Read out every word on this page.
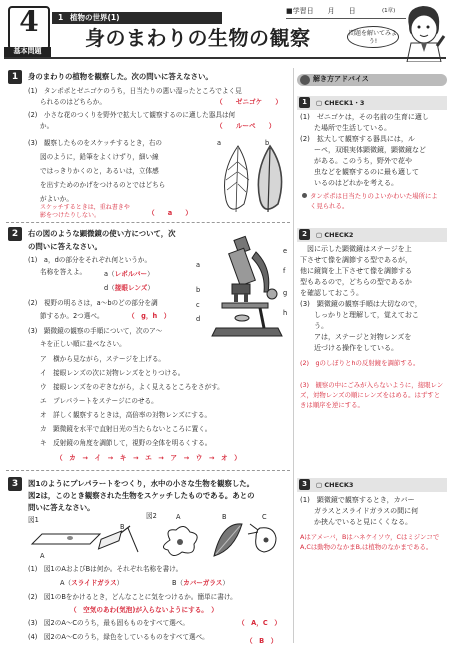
4
基本問題
1 植物の世界(1)
身のまわりの生物の観察
■学習日　　月　　日	(1章)
問題を解いてみよう!
1	身のまわりの植物を観察した。次の問いに答えなさい。
(1)　タンポポとゼニゴケのうち，日当たりの悪い湿ったところでよく見
られるのはどちらか。	（　　ゼニゴケ　　）
(2)　小さな花のつくりを野外で拡大して観察するのに適した器具は何
か。	（　　ルーペ　　）
(3)　観察したものをスケッチするとき，右の
図のように，鉛筆をよくけずり，細い線
ではっきりかくのと，あるいは，立体感
を出すためのかげをつけるのとではどちら
がよいか。
スケッチするときは，重ね書きや影をつけたりしない。	（　　a　　）
a	b
2	右の図のような顕微鏡の使い方について，次
の問いに答えなさい。
(1)　a，dの部分をそれぞれ何というか。
名称を答えよ。	a（レボルバー）
d（接眼レンズ）
(2)　視野の明るさは，a〜bのどの部分を調
節するか。2つ選べ。	（　g，h　）
(3)　顕微鏡の観察の手順について，次のア〜
キを正しい順に並べなさい。
ア　横から見ながら，ステージを上げる。
イ　接眼レンズの次に対物レンズをとりつける。
ウ　接眼レンズをのぞきながら，よく見えるところをさがす。
エ　プレパラートをステージにのせる。
オ　詳しく観察するときは，高倍率の対物レンズにする。
カ　顕微鏡を水平で直射日光の当たらないところに置く。
キ　反射鏡の角度を調節して，視野の全体を明るくする。
（　カ　→　イ　→　キ　→　エ　→　ア　→　ウ　→　オ　）
a
b
c
d
e
f
g
h
3	図1のようにプレパラートをつくり，水中の小さな生物を観察した。
図2は，このとき観察された生物をスケッチしたものである。あとの
問いに答えなさい。
図1	図2
A
B
A	B	C
(1)　図1のAおよびBは何か。それぞれ名称を書け。
A（スライドガラス）	B（カバーガラス）
(2)　図1のBをかけるとき，どんなことに気をつけるか。簡単に書け。
（　空気のあわ(気泡)が入らないようにする。　）
(3)　図2のA〜Cのうち，最も固もものをすべて選べ。	（　A，C　）
(4)　図2のA〜Cのうち，緑色をしているものをすべて選べ。	（　B　）
解き方アドバイス
1	▢ CHECK1・3
(1)　ゼニゴケは，その名前の生育に適し
　　た場所で生活している。
(2)　拡大して観察する器具には，ル
　　ーペ，双眼実体顕微鏡，顕微鏡など
　　がある。このうち，野外で花や
　　虫などを観察するのに最も適して
　　いるのはどれかを考える。
タンポポは日当たりのよいかわいた場所によく見られる。
2	▢ CHECK2
　図に示した顕微鏡はステージを上
下させて像を調節する型であるが，
他に鏡筒を上下させて像を調節する
型もあるので，どちらの型であるか
を確認しておこう。
(3)　顕微鏡の観察手順は大切なので，
　　しっかりと理解して，覚えておこ
　　う。
　　アは，ステージと対物レンズを
　　近づける操作をしている。
(2)　gのしぼりとhの反射鏡を調節する。
(3)　観察の中にごみが入らないように，接眼レンズ，対物レンズの順にレンズをはめる。はずすときは順序を逆にする。
3	▢ CHECK3
(1)　顕微鏡で観察するとき，カバー
　　ガラスとスライドガラスの間に何
　　か挟んでいると見にくくなる。
Aはアメーバ，Bはハネケイソウ，CはミジンコでA,Cは動物のなかまB,は植物のなかまである。
